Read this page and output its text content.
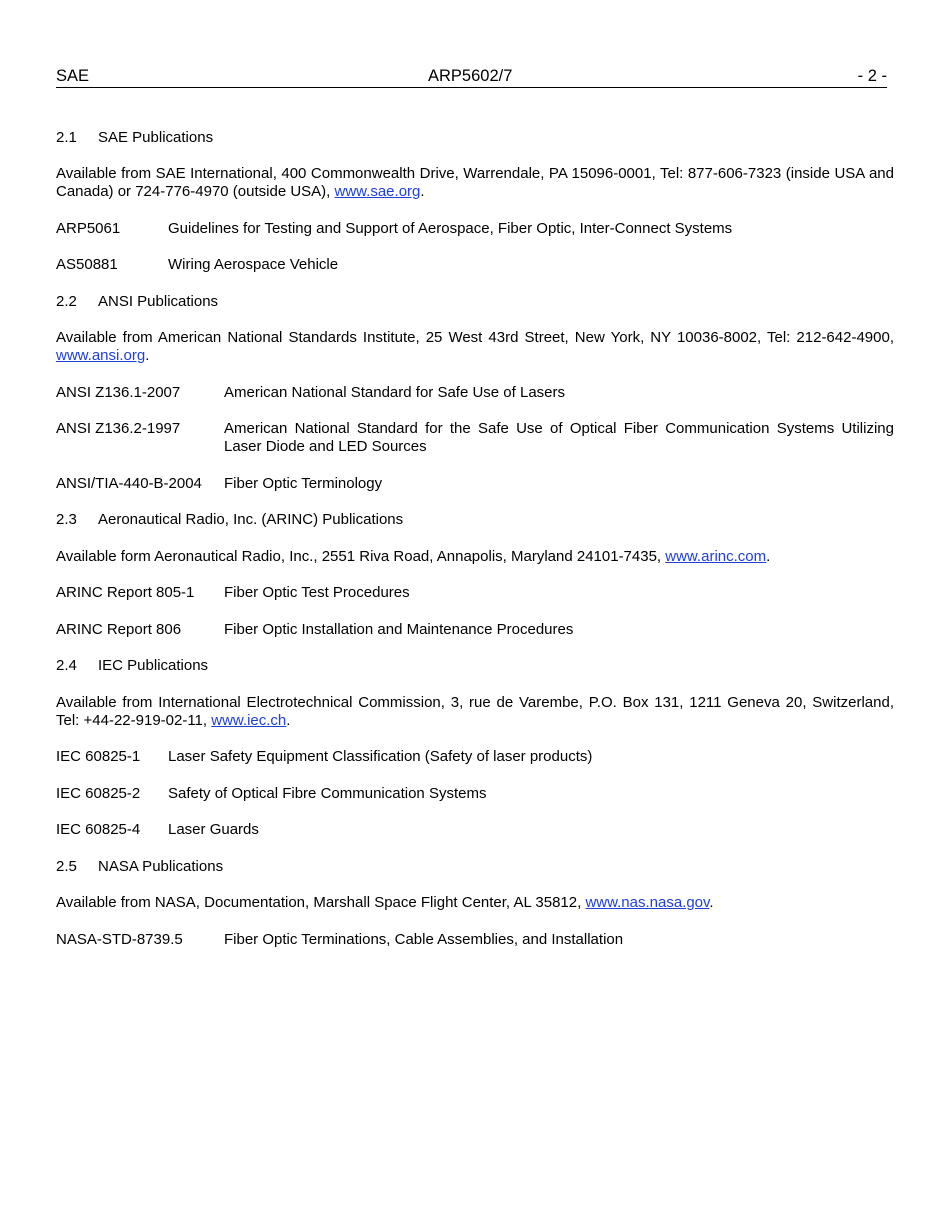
SAE	ARP5602/7	- 2 -
2.1 SAE Publications
Available from SAE International, 400 Commonwealth Drive, Warrendale, PA 15096-0001, Tel: 877-606-7323 (inside USA and Canada) or 724-776-4970 (outside USA), www.sae.org.
ARP5061	Guidelines for Testing and Support of Aerospace, Fiber Optic, Inter-Connect Systems
AS50881	Wiring Aerospace Vehicle
2.2 ANSI Publications
Available from American National Standards Institute, 25 West 43rd Street, New York, NY 10036-8002, Tel: 212-642-4900, www.ansi.org.
ANSI Z136.1-2007	American National Standard for Safe Use of Lasers
ANSI Z136.2-1997	American National Standard for the Safe Use of Optical Fiber Communication Systems Utilizing Laser Diode and LED Sources
ANSI/TIA-440-B-2004 Fiber Optic Terminology
2.3 Aeronautical Radio, Inc. (ARINC) Publications
Available form Aeronautical Radio, Inc., 2551 Riva Road, Annapolis, Maryland 24101-7435, www.arinc.com.
ARINC Report 805-1 Fiber Optic Test Procedures
ARINC Report 806	Fiber Optic Installation and Maintenance Procedures
2.4 IEC Publications
Available from International Electrotechnical Commission, 3, rue de Varembe, P.O. Box 131, 1211 Geneva 20, Switzerland, Tel: +44-22-919-02-11, www.iec.ch.
IEC 60825-1 Laser Safety Equipment Classification (Safety of laser products)
IEC 60825-2 Safety of Optical Fibre Communication Systems
IEC 60825-4 Laser Guards
2.5 NASA Publications
Available from NASA, Documentation, Marshall Space Flight Center, AL 35812, www.nas.nasa.gov.
NASA-STD-8739.5	Fiber Optic Terminations, Cable Assemblies, and Installation
